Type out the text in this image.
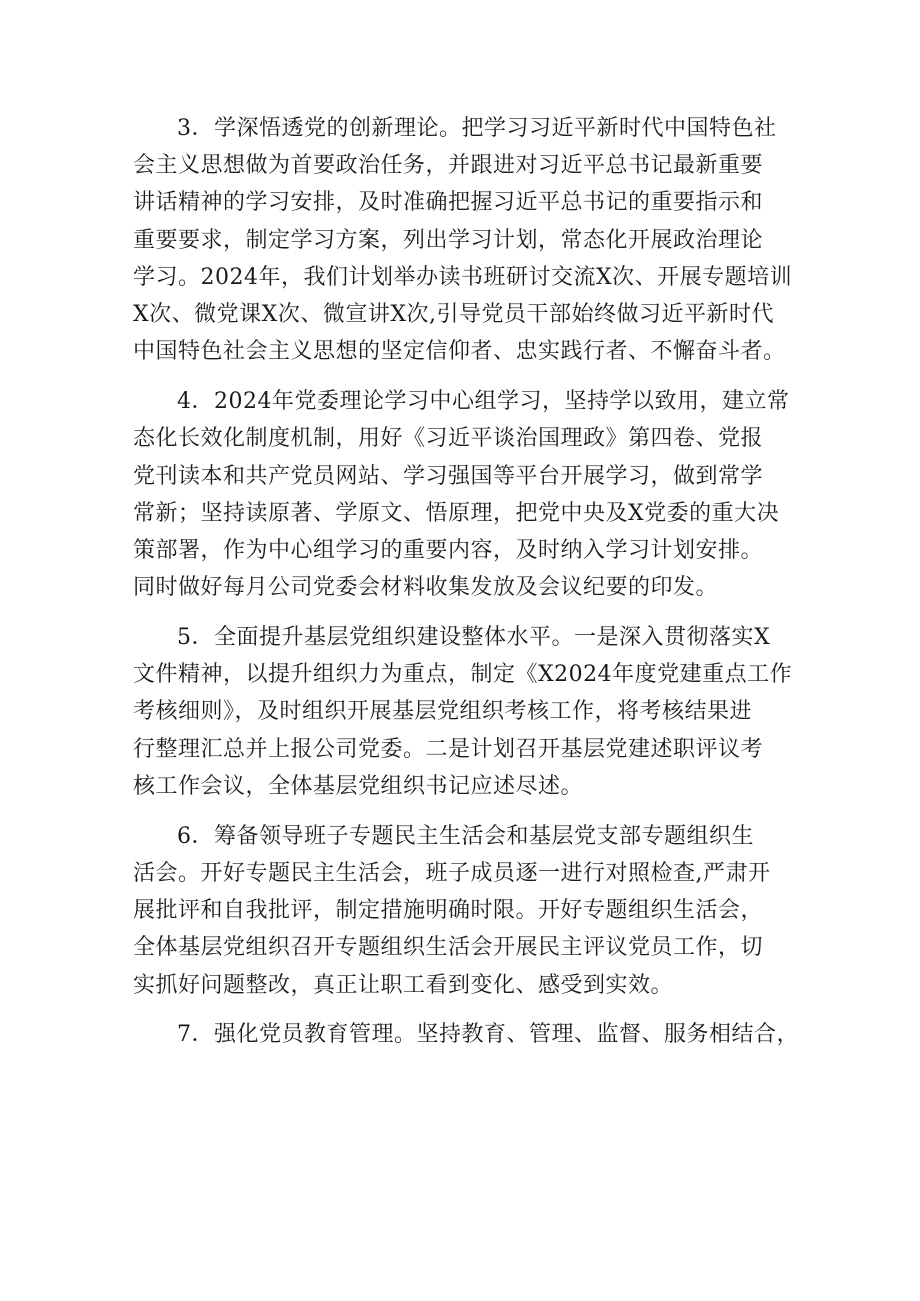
3．学深悟透党的创新理论。把学习习近平新时代中国特色社
会主义思想做为首要政治任务，并跟进对习近平总书记最新重要
讲话精神的学习安排，及时准确把握习近平总书记的重要指示和
重要要求，制定学习方案，列出学习计划，常态化开展政治理论
学习。2024年，我们计划举办读书班研讨交流X次、开展专题培训
X次、微党课X次、微宣讲X次,引导党员干部始终做习近平新时代
中国特色社会主义思想的坚定信仰者、忠实践行者、不懈奋斗者。
4．2024年党委理论学习中心组学习，坚持学以致用，建立常
态化长效化制度机制，用好《习近平谈治国理政》第四卷、党报
党刊读本和共产党员网站、学习强国等平台开展学习，做到常学
常新；坚持读原著、学原文、悟原理，把党中央及X党委的重大决
策部署，作为中心组学习的重要内容，及时纳入学习计划安排。
同时做好每月公司党委会材料收集发放及会议纪要的印发。
5．全面提升基层党组织建设整体水平。一是深入贯彻落实X
文件精神，以提升组织力为重点，制定《X2024年度党建重点工作
考核细则》，及时组织开展基层党组织考核工作，将考核结果进
行整理汇总并上报公司党委。二是计划召开基层党建述职评议考
核工作会议，全体基层党组织书记应述尽述。
6．筹备领导班子专题民主生活会和基层党支部专题组织生
活会。开好专题民主生活会，班子成员逐一进行对照检查,严肃开
展批评和自我批评，制定措施明确时限。开好专题组织生活会，
全体基层党组织召开专题组织生活会开展民主评议党员工作，切
实抓好问题整改，真正让职工看到变化、感受到实效。
7．强化党员教育管理。坚持教育、管理、监督、服务相结合，
